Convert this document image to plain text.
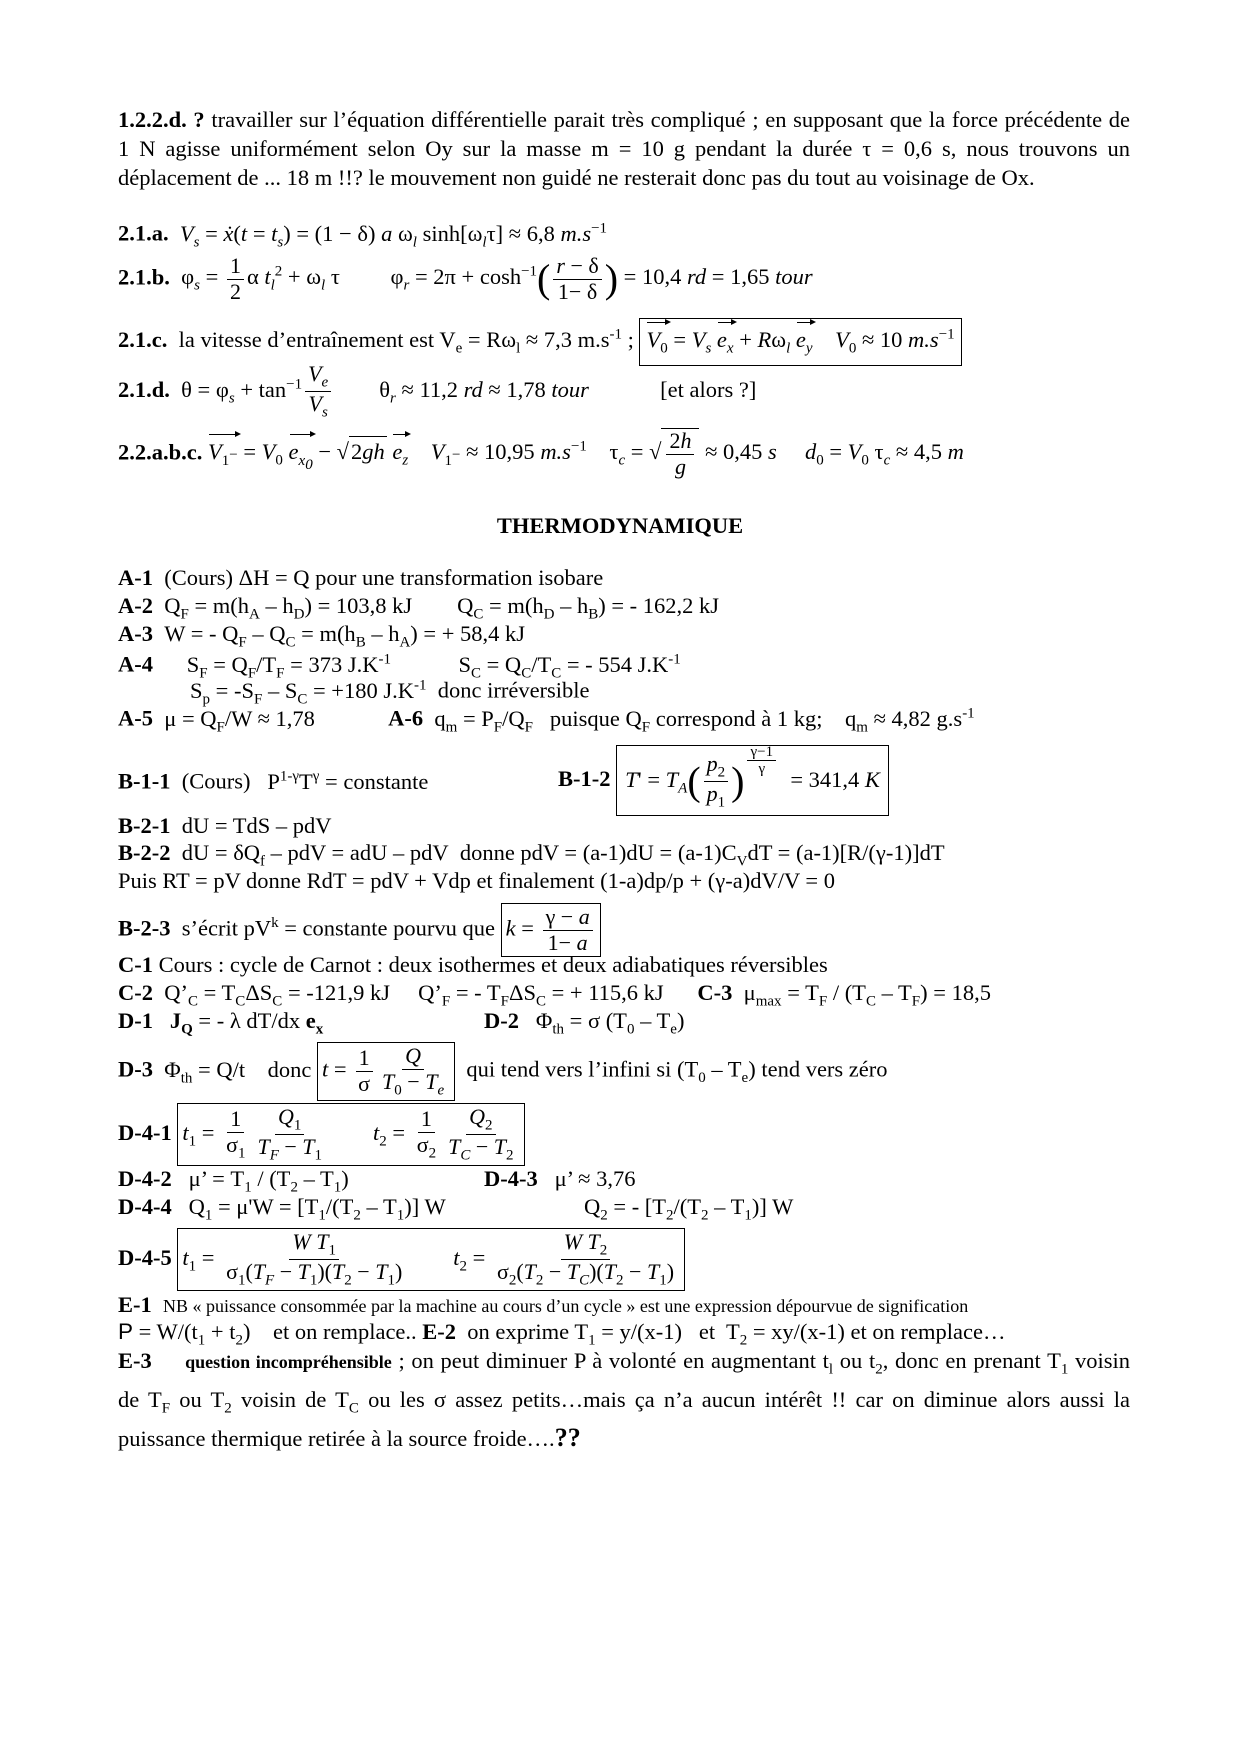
1.2.2.d. ? travailler sur l’équation différentielle parait très compliqué ; en supposant que la force précédente de 1 N agisse uniformément selon Oy sur la masse m = 10 g pendant la durée τ = 0,6 s, nous trouvons un déplacement de ... 18 m !!? le mouvement non guidé ne resterait donc pas du tout au voisinage de Ox.
2.1.a. $V_s$ = ẋ(t = $t_s) = (1 - \delta)$ a $\omega_l$ $\sinh[\omega_l\tau] \approx 6,8$ $m.s^{-1}$
2.1.b.  $\varphi_s = \frac{1}{2}$ α $t_l^2 + \omega_l$ τ         $\varphi_r = 2\pi + \cosh^{-1}( \frac{r - \delta}{1- \delta}$ ) = 10,4 rd = 1,65 tour
2.1.c. la vitesse d’entraînement est $V_e = R\omega_l \approx 7,3$ $m.s^{-1}$ ; $V_0 = V_s$ $e_x + R\omega_l$ $e_y$ $V_0 \approx 10$ $m.s^{-1}$
2.1.d.  $\theta = \varphi_s + \tan^{-1} \frac{V_e}{V_s} \theta_r \approx 11,2$ rd ≈ 1,78 tour	[et alors ?]
2.2.a.b.c. $V_{1^-} = V_0$ $e_{x_0} - √2gh$ $e_z$ $V_{1^-} \approx 10,95$ $m.s^{-1}$    $\tau_c$ = √ $\frac{2h}{g} \approx 0,45$ s $d_0 = V_0$ $\tau_c \approx 4,5$ m
THERMODYNAMIQUE
A-1 (Cours) ΔH = Q pour une transformation isobare
A-2  $Q_F = m(h_A - h_D) = 103,8$ kJ        $Q_C = m(h_D - h_B)$ = - 162,2 kJ
A-3  W = - $Q_F - Q_C = m(h_B - h_A)$ = + 58,4 kJ
A-4      $S_F = Q_F/T_F = 373$ $J.K^{-1}$            $S_C = Q_C/T_C$ = - 554 $J.K^{-1}$
$S_p = -S_F - S_C = +180$ $J.K^{-1}$ donc irréversible
A-5 $\mu = Q_F/W \approx 1,78$	A-6  $q_m = P_F/Q_F$ puisque $Q_F$ correspond à 1 kg;    $q_m \approx 4,82$ $g.s^{-1}$
B-1-1 (Cours)   $P^{1-\gamma}T^\gamma$ = constante	B-1-2 $T' = T_A( \frac{p_2}{p_1}$ ) $^{\frac{\gamma-1}{\gamma}}$
= 341,4 K
B-2-1 dU = TdS – pdV
B-2-2  dU = $\delta Q_f$ – pdV = adU – pdV  donne pdV = $(a-1)dU = (a-1)C_VdT = (a-1)[R/(\gamma-1)]dT$
Puis RT = pV donne RdT = pdV + Vdp et finalement (1-a)dp/p + (γ-a)dV/V = 0
B-2-3 s’écrit $pV^k$ = constante pourvu que $k = \frac{\gamma - a}{1- a}$
C-1 Cours : cycle de Carnot : deux isothermes et deux adiabatiques réversibles
C-2  $Q’_C = T_C\Delta S_C = -121,9$ kJ     $Q’_F$ = - $T_F\Delta S_C$ = + 115,6 kJ      C-3  $\mu_{max} = T_F / (T_C - T_F) = 18,5$
D-1 $J_Q$ = - λ dT/dx $e_x$	D-2   $\Phi_{th} = \sigma$ $(T_0 - T_e)$
D-3  $\Phi_{th} = Q/t$    donc $t = \frac{1}{\sigma} \frac{Q}{T_0 - T_e}$ qui tend vers l’infini si $(T_0 - T_e)$ tend vers zéro
D-4-1 $t_1 = \frac{1}{\sigma_1} \frac{Q_1}{T_F - T_1} t_2 = \frac{1}{\sigma_2} \frac{Q_2}{T_C - T_2}$
D-4-2   μ’ = $T_1 / (T_2 - T_1)$	D-4-3 μ’ ≈ 3,76
D-4-4   $Q_1 = \mu'W = [T_1/(T_2 - T_1)]$ W	$Q_2$ = - $[T_2/(T_2 - T_1)]$ W
D-4-5 $t_1 = \frac{W T_1}{\sigma_1(T_F - T_1)(T_2 - T_1)} t_2 = \frac{W T_2}{\sigma_2(T_2 - T_C)(T_2 - T_1)}$
E-1 NB « puissance consommée par la machine au cours d’un cycle » est une expression dépourvue de signification
$P = W/(t_1 + t_2)$    et on remplace.. E-2  on exprime $T_1 = y/(x-1)$   et  $T_2 = xy/(x-1)$ et on remplace…
E-3 question incompréhensible ; on peut diminuer P à volonté en augmentant $t_l$ ou $t_2$, donc en prenant $T_1$ voisin de $T_F$ ou $T_2$ voisin de $T_C$ ou les σ assez petits…mais ça n’a aucun intérêt !! car on diminue alors aussi la puissance thermique retirée à la source froide….??
